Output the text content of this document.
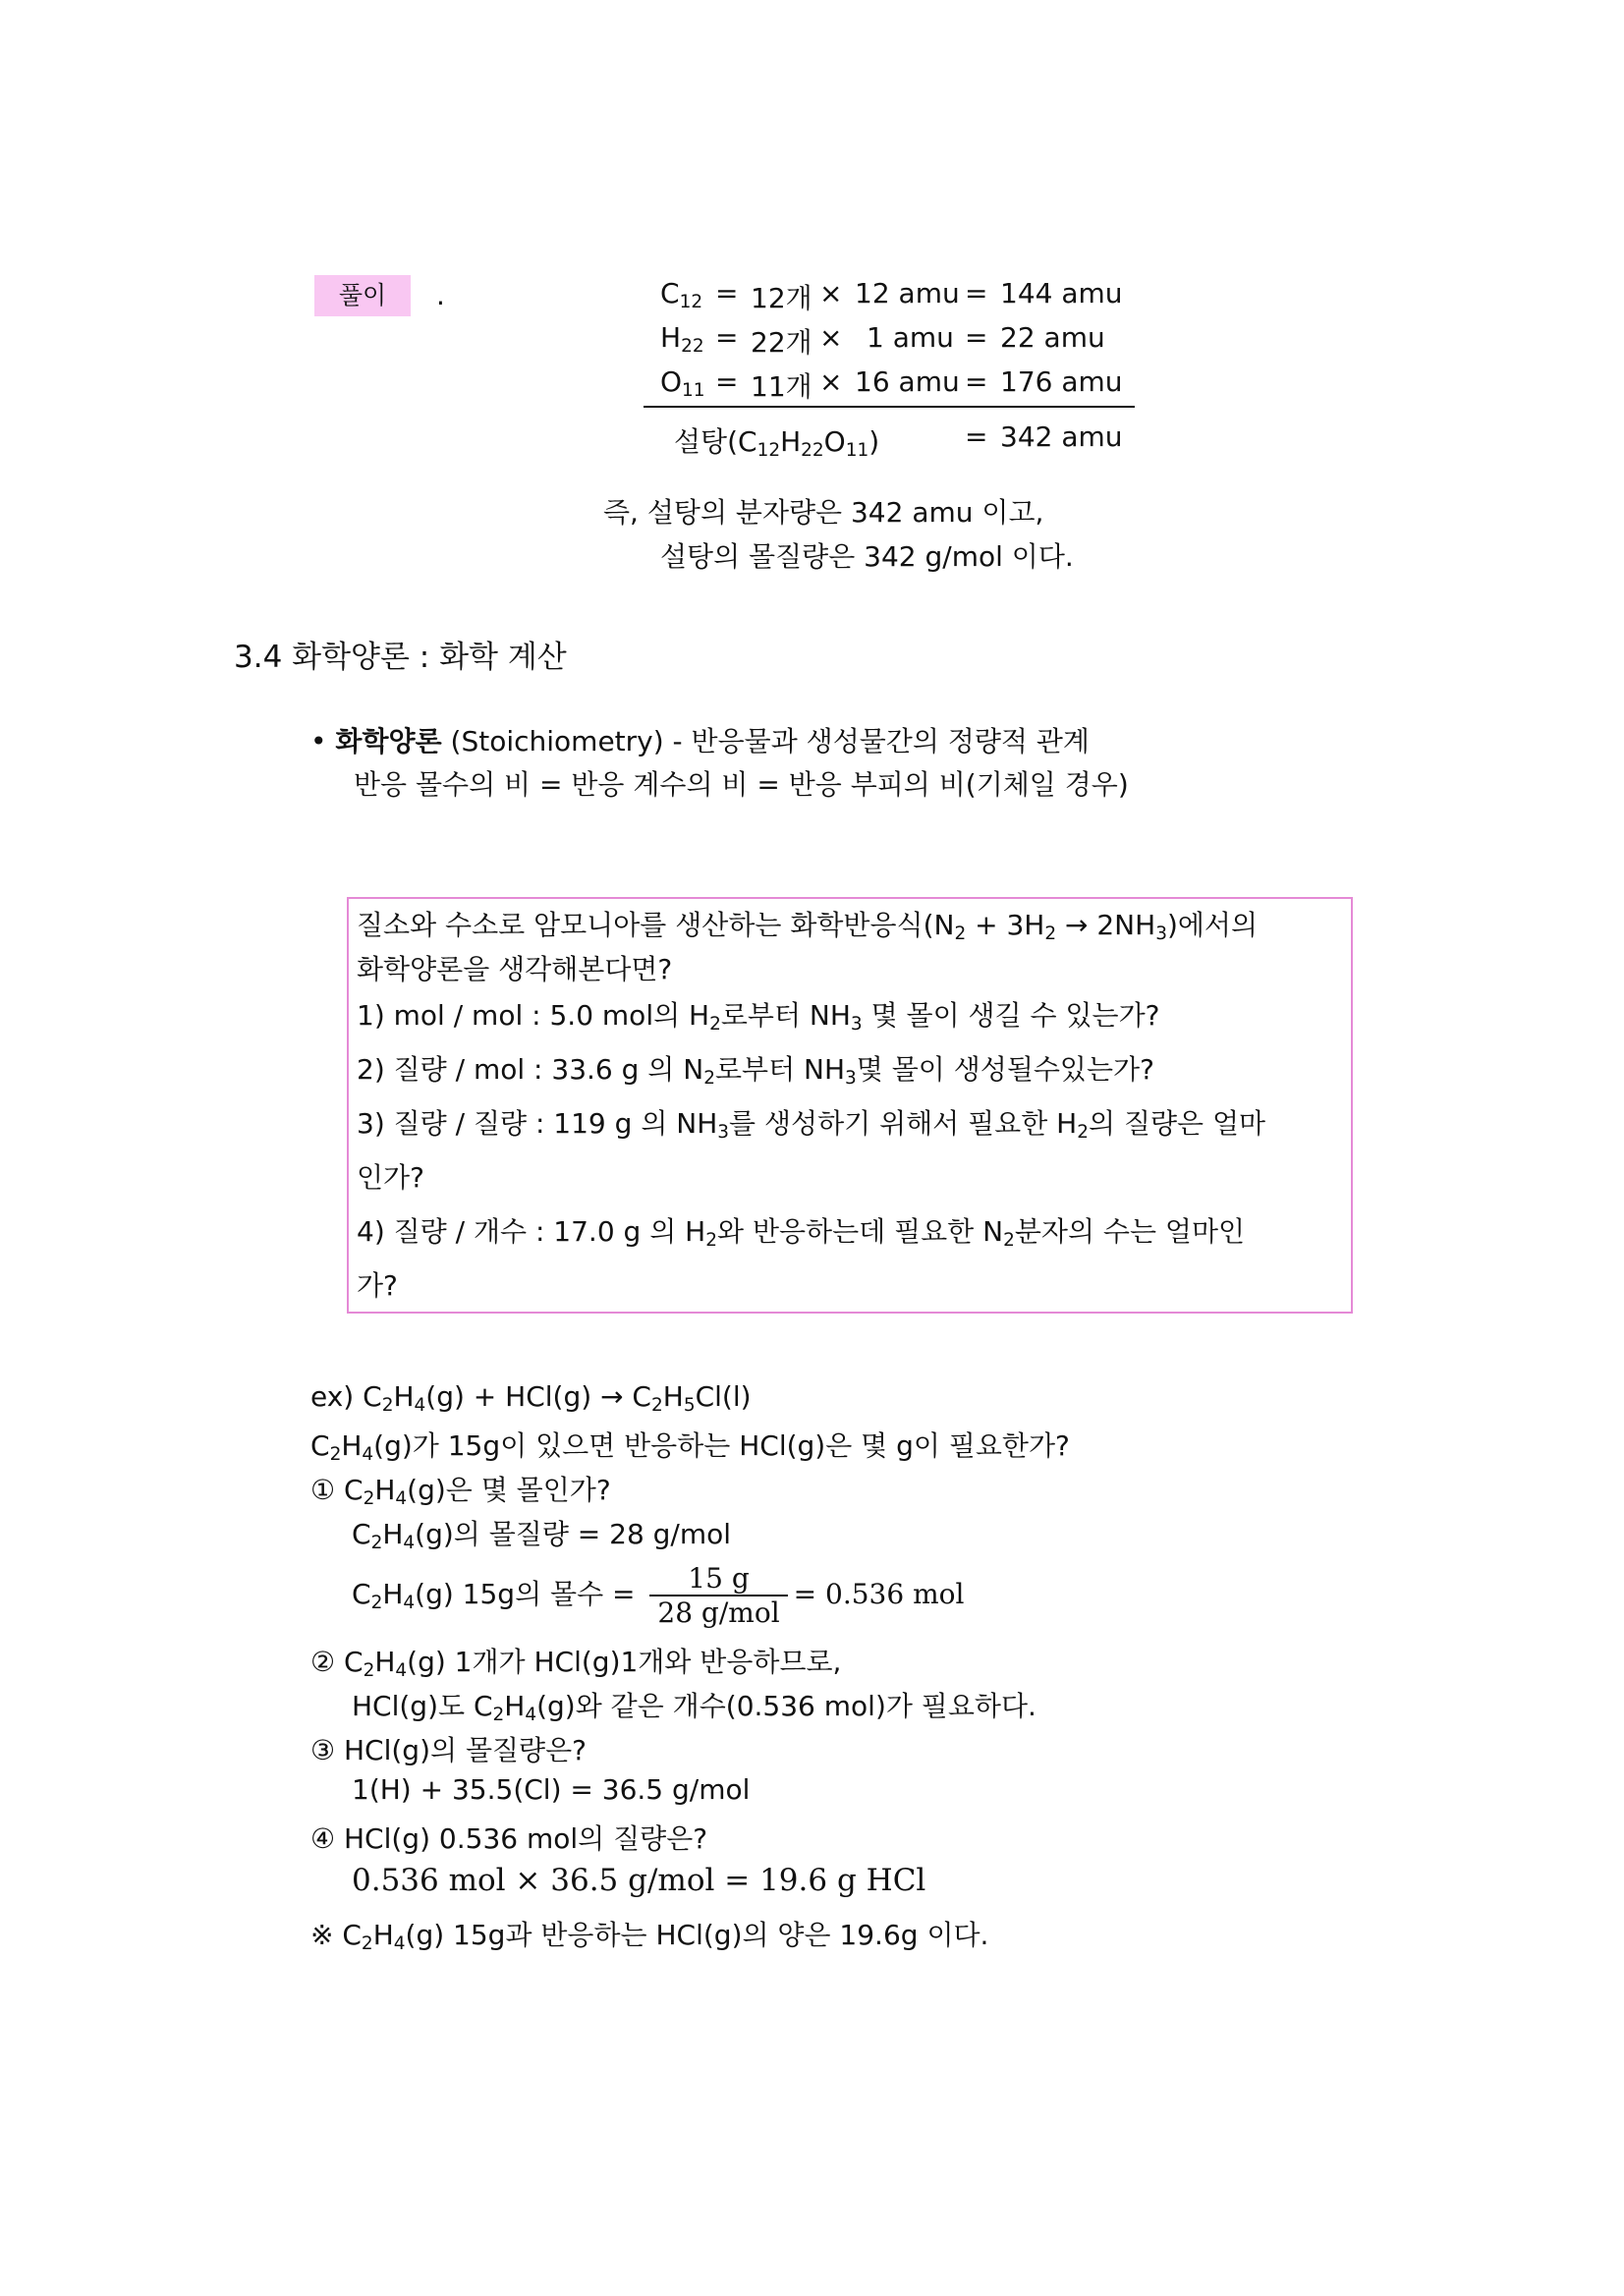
풀이	.	$C_{12} = 12$개 × 12 amu = 144 amu
$H_{22} = 22$개 × 1 amu = 22 amu
$O_{11} = 11$개 × 16 amu = 176 amu
설탕$(C_{12}H_{22}O_{11})$	= 342 amu
즉, 설탕의 분자량은 342 amu 이고,
설탕의 몰질량은 342 g/mol 이다.
3.4 화학양론 : 화학 계산
• 화학양론 (Stoichiometry) - 반응물과 생성물간의 정량적 관계
반응 몰수의 비 = 반응 계수의 비 = 반응 부피의 비(기체일 경우)
질소와 수소로 암모니아를 생산하는 화학반응식$(N_2 + 3H_2 \to 2NH_3)$에서의
화학양론을 생각해본다면?
1) mol / mol : 5.0 mol의 $H_2$로부터 $NH_3$ 몇 몰이 생길 수 있는가?
2) 질량 / mol : 33.6 g 의 $N_2$로부터 $NH_3$몇 몰이 생성될수있는가?
3) 질량 / 질량 : 119 g 의 $NH_3$를 생성하기 위해서 필요한 $H_2$의 질량은 얼마
인가?
4) 질량 / 개수 : 17.0 g 의 $H_2$와 반응하는데 필요한 $N_2$분자의 수는 얼마인
가?
ex) $C_2H_4(g) + HCl(g) \to C_2H_5Cl(l)$
$C_2H_4(g)$가 15g이 있으면 반응하는 HCl(g)은 몇 g이 필요한가?
① $C_2H_4(g)$은 몇 몰인가?
$C_2H_4(g)$의 몰질량 = 28 g/mol
$C_2H_4(g)$ 15g의 몰수 = $\frac{15 g}{\text{28 g/mol}} = 0.536$ mol
② $C_2H_4(g)$ 1개가 HCl(g)1개와 반응하므로,
HCl(g)도 $C_2H_4(g)$와 같은 개수(0.536 mol)가 필요하다.
③ HCl(g)의 몰질량은?
1(H) + 35.5(Cl) = 36.5 g/mol
④ HCl(g) 0.536 mol의 질량은?
0.536 mol × 36.5 g/mol = 19.6 g HCl
※ $C_2H_4(g)$ 15g과 반응하는 HCl(g)의 양은 19.6g 이다.
